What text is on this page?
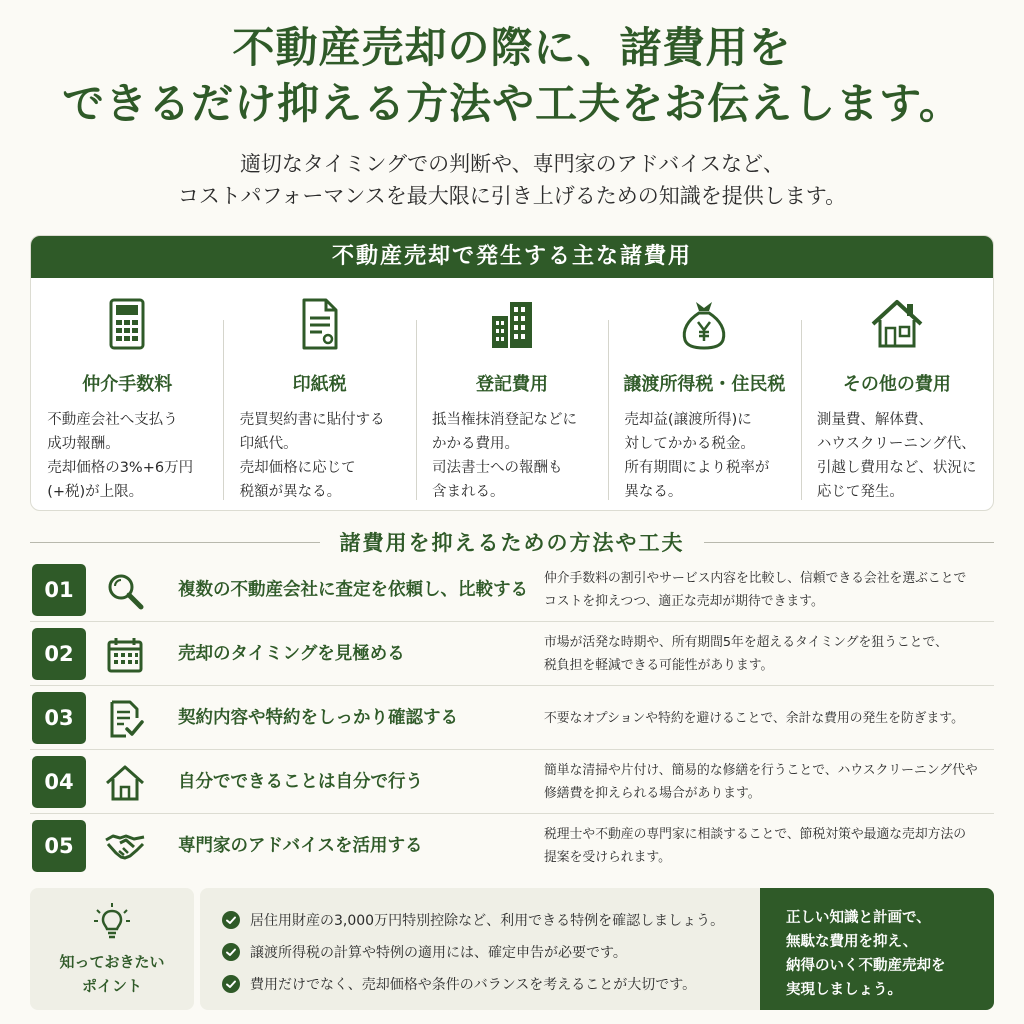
不動産売却の際に、諸費用を
できるだけ抑える方法や工夫をお伝えします。
適切なタイミングでの判断や、専門家のアドバイスなど、
コストパフォーマンスを最大限に引き上げるための知識を提供します。
不動産売却で発生する主な諸費用
仲介手数料
不動産会社へ支払う
成功報酬。
売却価格の3%+6万円
(+税)が上限。
印紙税
売買契約書に貼付する
印紙代。
売却価格に応じて
税額が異なる。
登記費用
抵当権抹消登記などに
かかる費用。
司法書士への報酬も
含まれる。
譲渡所得税・住民税
売却益(譲渡所得)に
対してかかる税金。
所有期間により税率が
異なる。
その他の費用
測量費、解体費、
ハウスクリーニング代、
引越し費用など、状況に
応じて発生。
諸費用を抑えるための方法や工夫
01	複数の不動産会社に査定を依頼し、比較する
仲介手数料の割引やサービス内容を比較し、信頼できる会社を選ぶことで
コストを抑えつつ、適正な売却が期待できます。
02	売却のタイミングを見極める
市場が活発な時期や、所有期間5年を超えるタイミングを狙うことで、
税負担を軽減できる可能性があります。
03	契約内容や特約をしっかり確認する	不要なオプションや特約を避けることで、余計な費用の発生を防ぎます。
04	自分でできることは自分で行う
簡単な清掃や片付け、簡易的な修繕を行うことで、ハウスクリーニング代や
修繕費を抑えられる場合があります。
05	専門家のアドバイスを活用する
税理士や不動産の専門家に相談することで、節税対策や最適な売却方法の
提案を受けられます。
知っておきたい
ポイント
居住用財産の3,000万円特別控除など、利用できる特例を確認しましょう。
譲渡所得税の計算や特例の適用には、確定申告が必要です。
費用だけでなく、売却価格や条件のバランスを考えることが大切です。
正しい知識と計画で、
無駄な費用を抑え、
納得のいく不動産売却を
実現しましょう。
